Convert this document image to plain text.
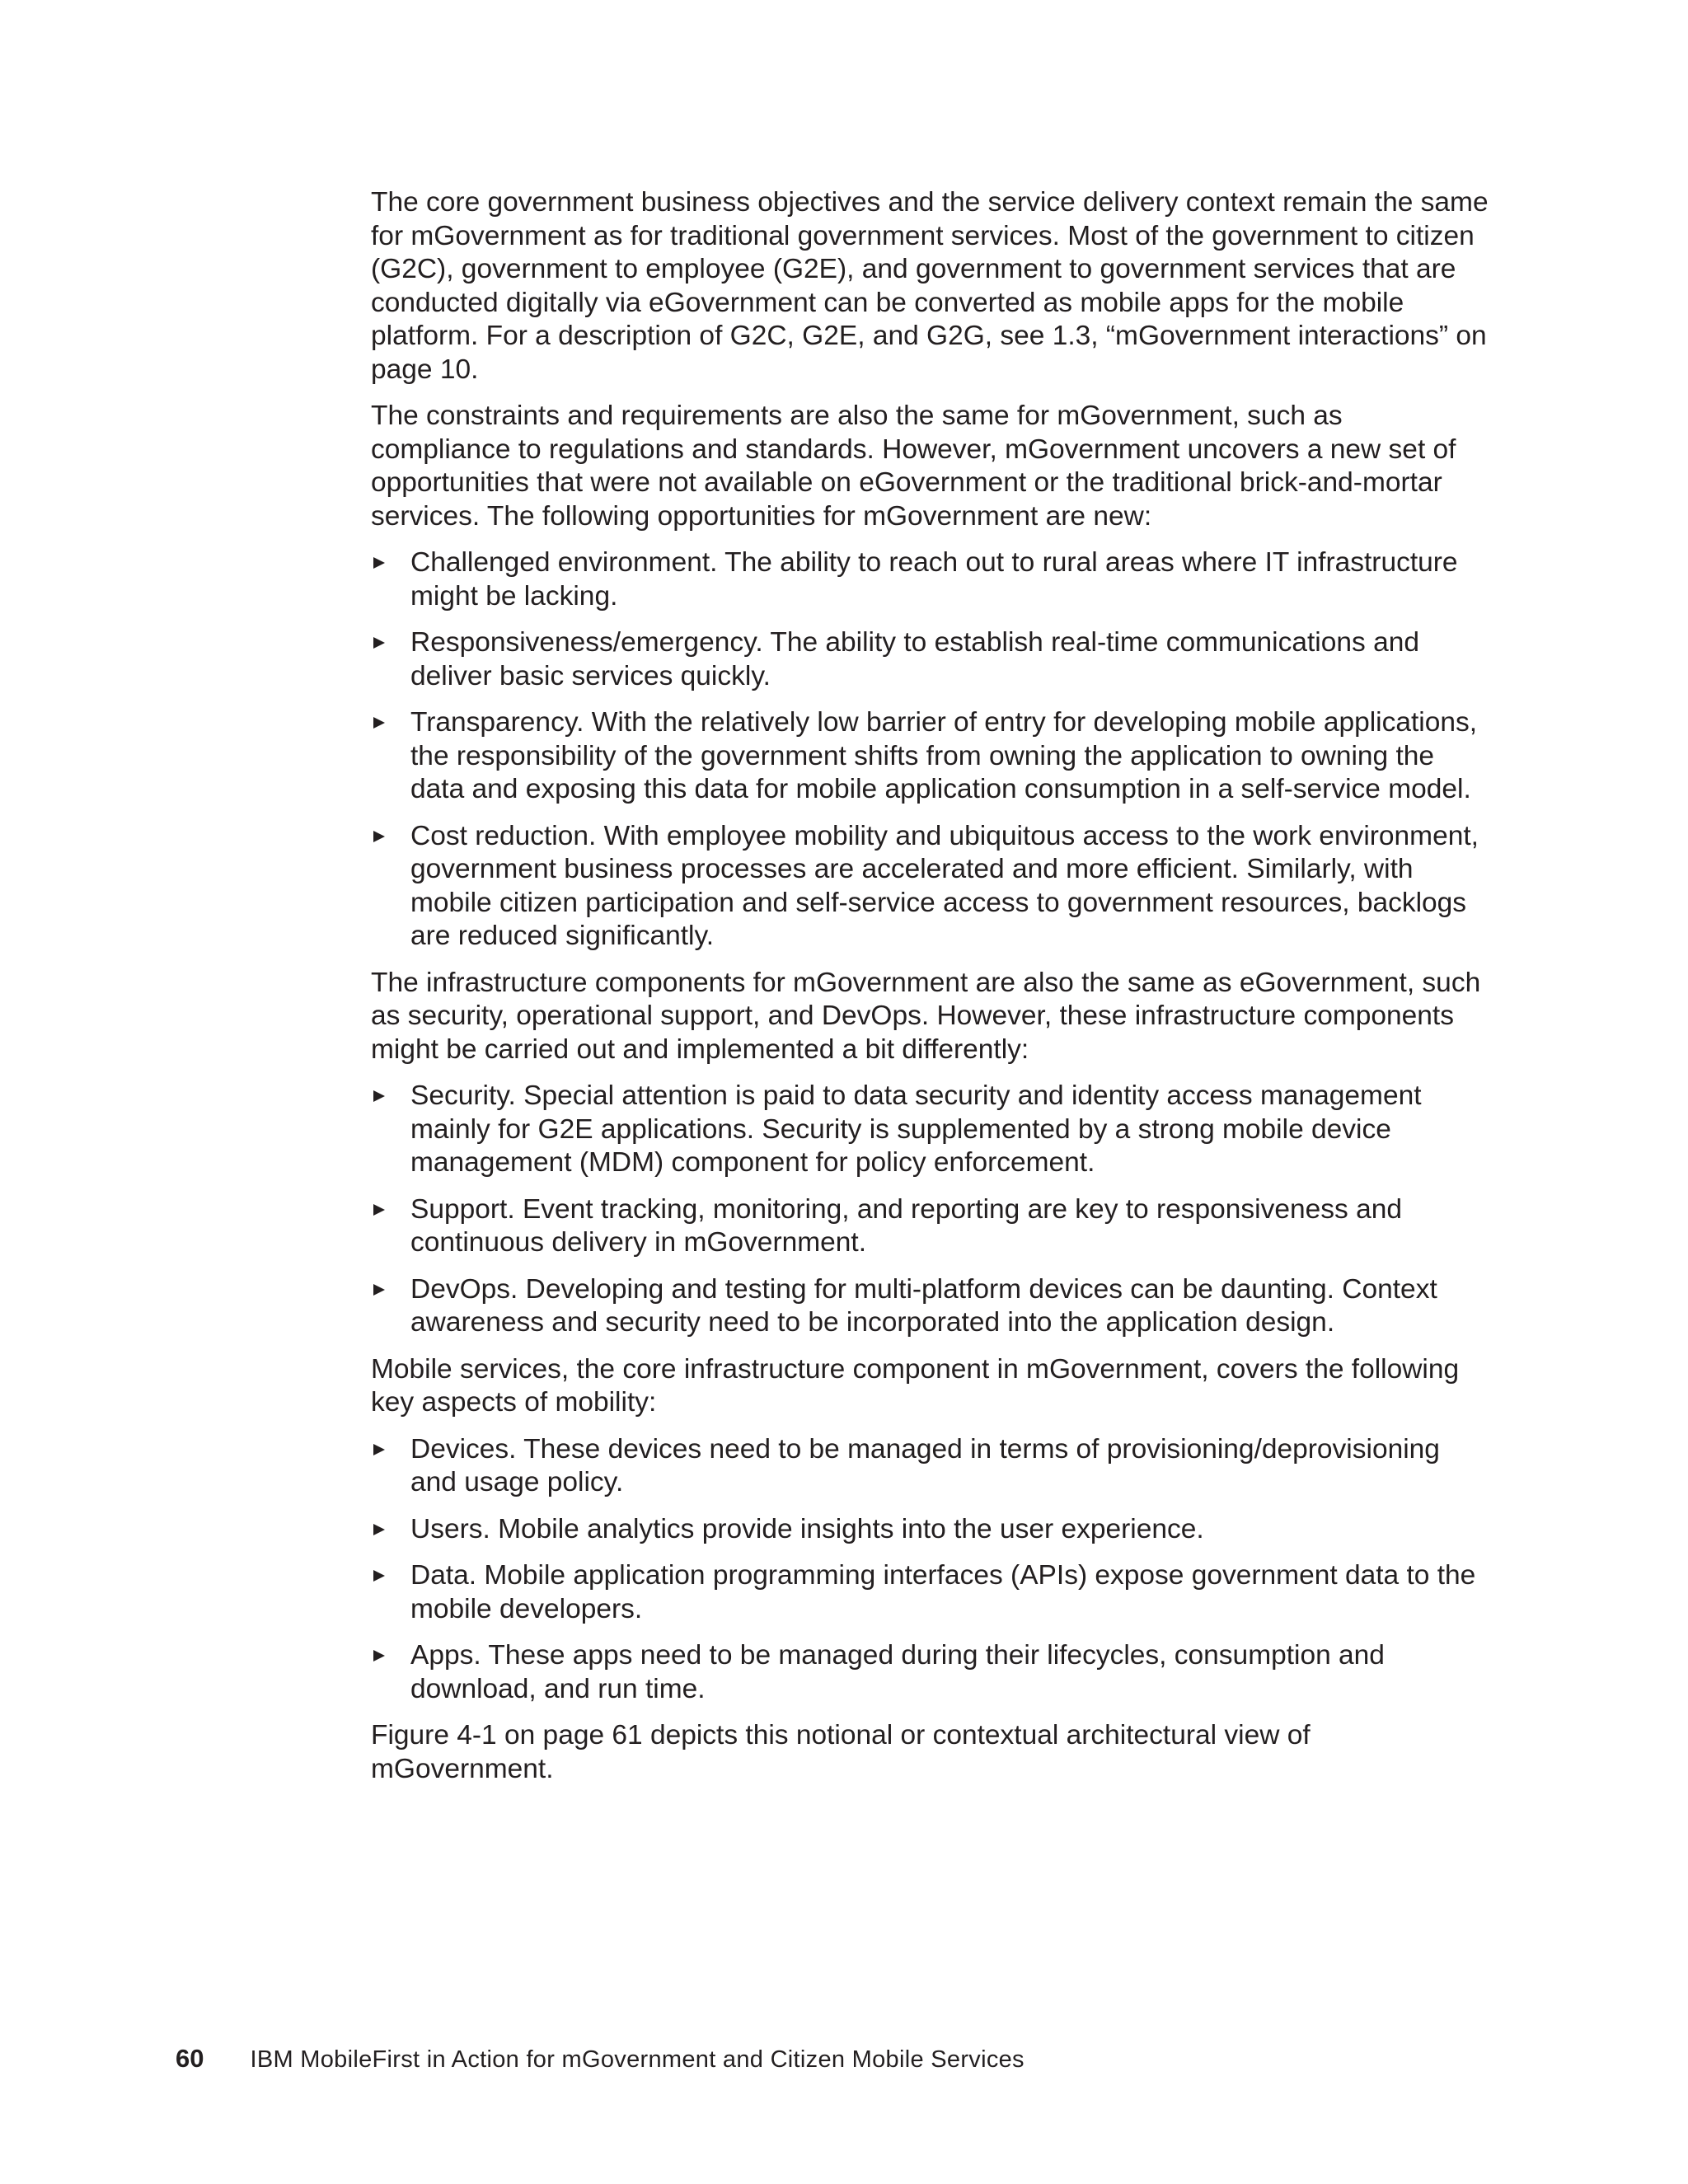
The core government business objectives and the service delivery context remain the same for mGovernment as for traditional government services. Most of the government to citizen (G2C), government to employee (G2E), and government to government services that are conducted digitally via eGovernment can be converted as mobile apps for the mobile platform. For a description of G2C, G2E, and G2G, see 1.3, “mGovernment interactions” on page 10.

The constraints and requirements are also the same for mGovernment, such as compliance to regulations and standards. However, mGovernment uncovers a new set of opportunities that were not available on eGovernment or the traditional brick-and-mortar services. The following opportunities for mGovernment are new:

Challenged environment. The ability to reach out to rural areas where IT infrastructure might be lacking.
Responsiveness/emergency. The ability to establish real-time communications and deliver basic services quickly.
Transparency. With the relatively low barrier of entry for developing mobile applications, the responsibility of the government shifts from owning the application to owning the data and exposing this data for mobile application consumption in a self-service model.
Cost reduction. With employee mobility and ubiquitous access to the work environment, government business processes are accelerated and more efficient. Similarly, with mobile citizen participation and self-service access to government resources, backlogs are reduced significantly.

The infrastructure components for mGovernment are also the same as eGovernment, such as security, operational support, and DevOps. However, these infrastructure components might be carried out and implemented a bit differently:

Security. Special attention is paid to data security and identity access management mainly for G2E applications. Security is supplemented by a strong mobile device management (MDM) component for policy enforcement.
Support. Event tracking, monitoring, and reporting are key to responsiveness and continuous delivery in mGovernment.
DevOps. Developing and testing for multi-platform devices can be daunting. Context awareness and security need to be incorporated into the application design.

Mobile services, the core infrastructure component in mGovernment, covers the following key aspects of mobility:

Devices. These devices need to be managed in terms of provisioning/deprovisioning and usage policy.
Users. Mobile analytics provide insights into the user experience.
Data. Mobile application programming interfaces (APIs) expose government data to the mobile developers.
Apps. These apps need to be managed during their lifecycles, consumption and download, and run time.

Figure 4-1 on page 61 depicts this notional or contextual architectural view of mGovernment.

60 IBM MobileFirst in Action for mGovernment and Citizen Mobile Services
